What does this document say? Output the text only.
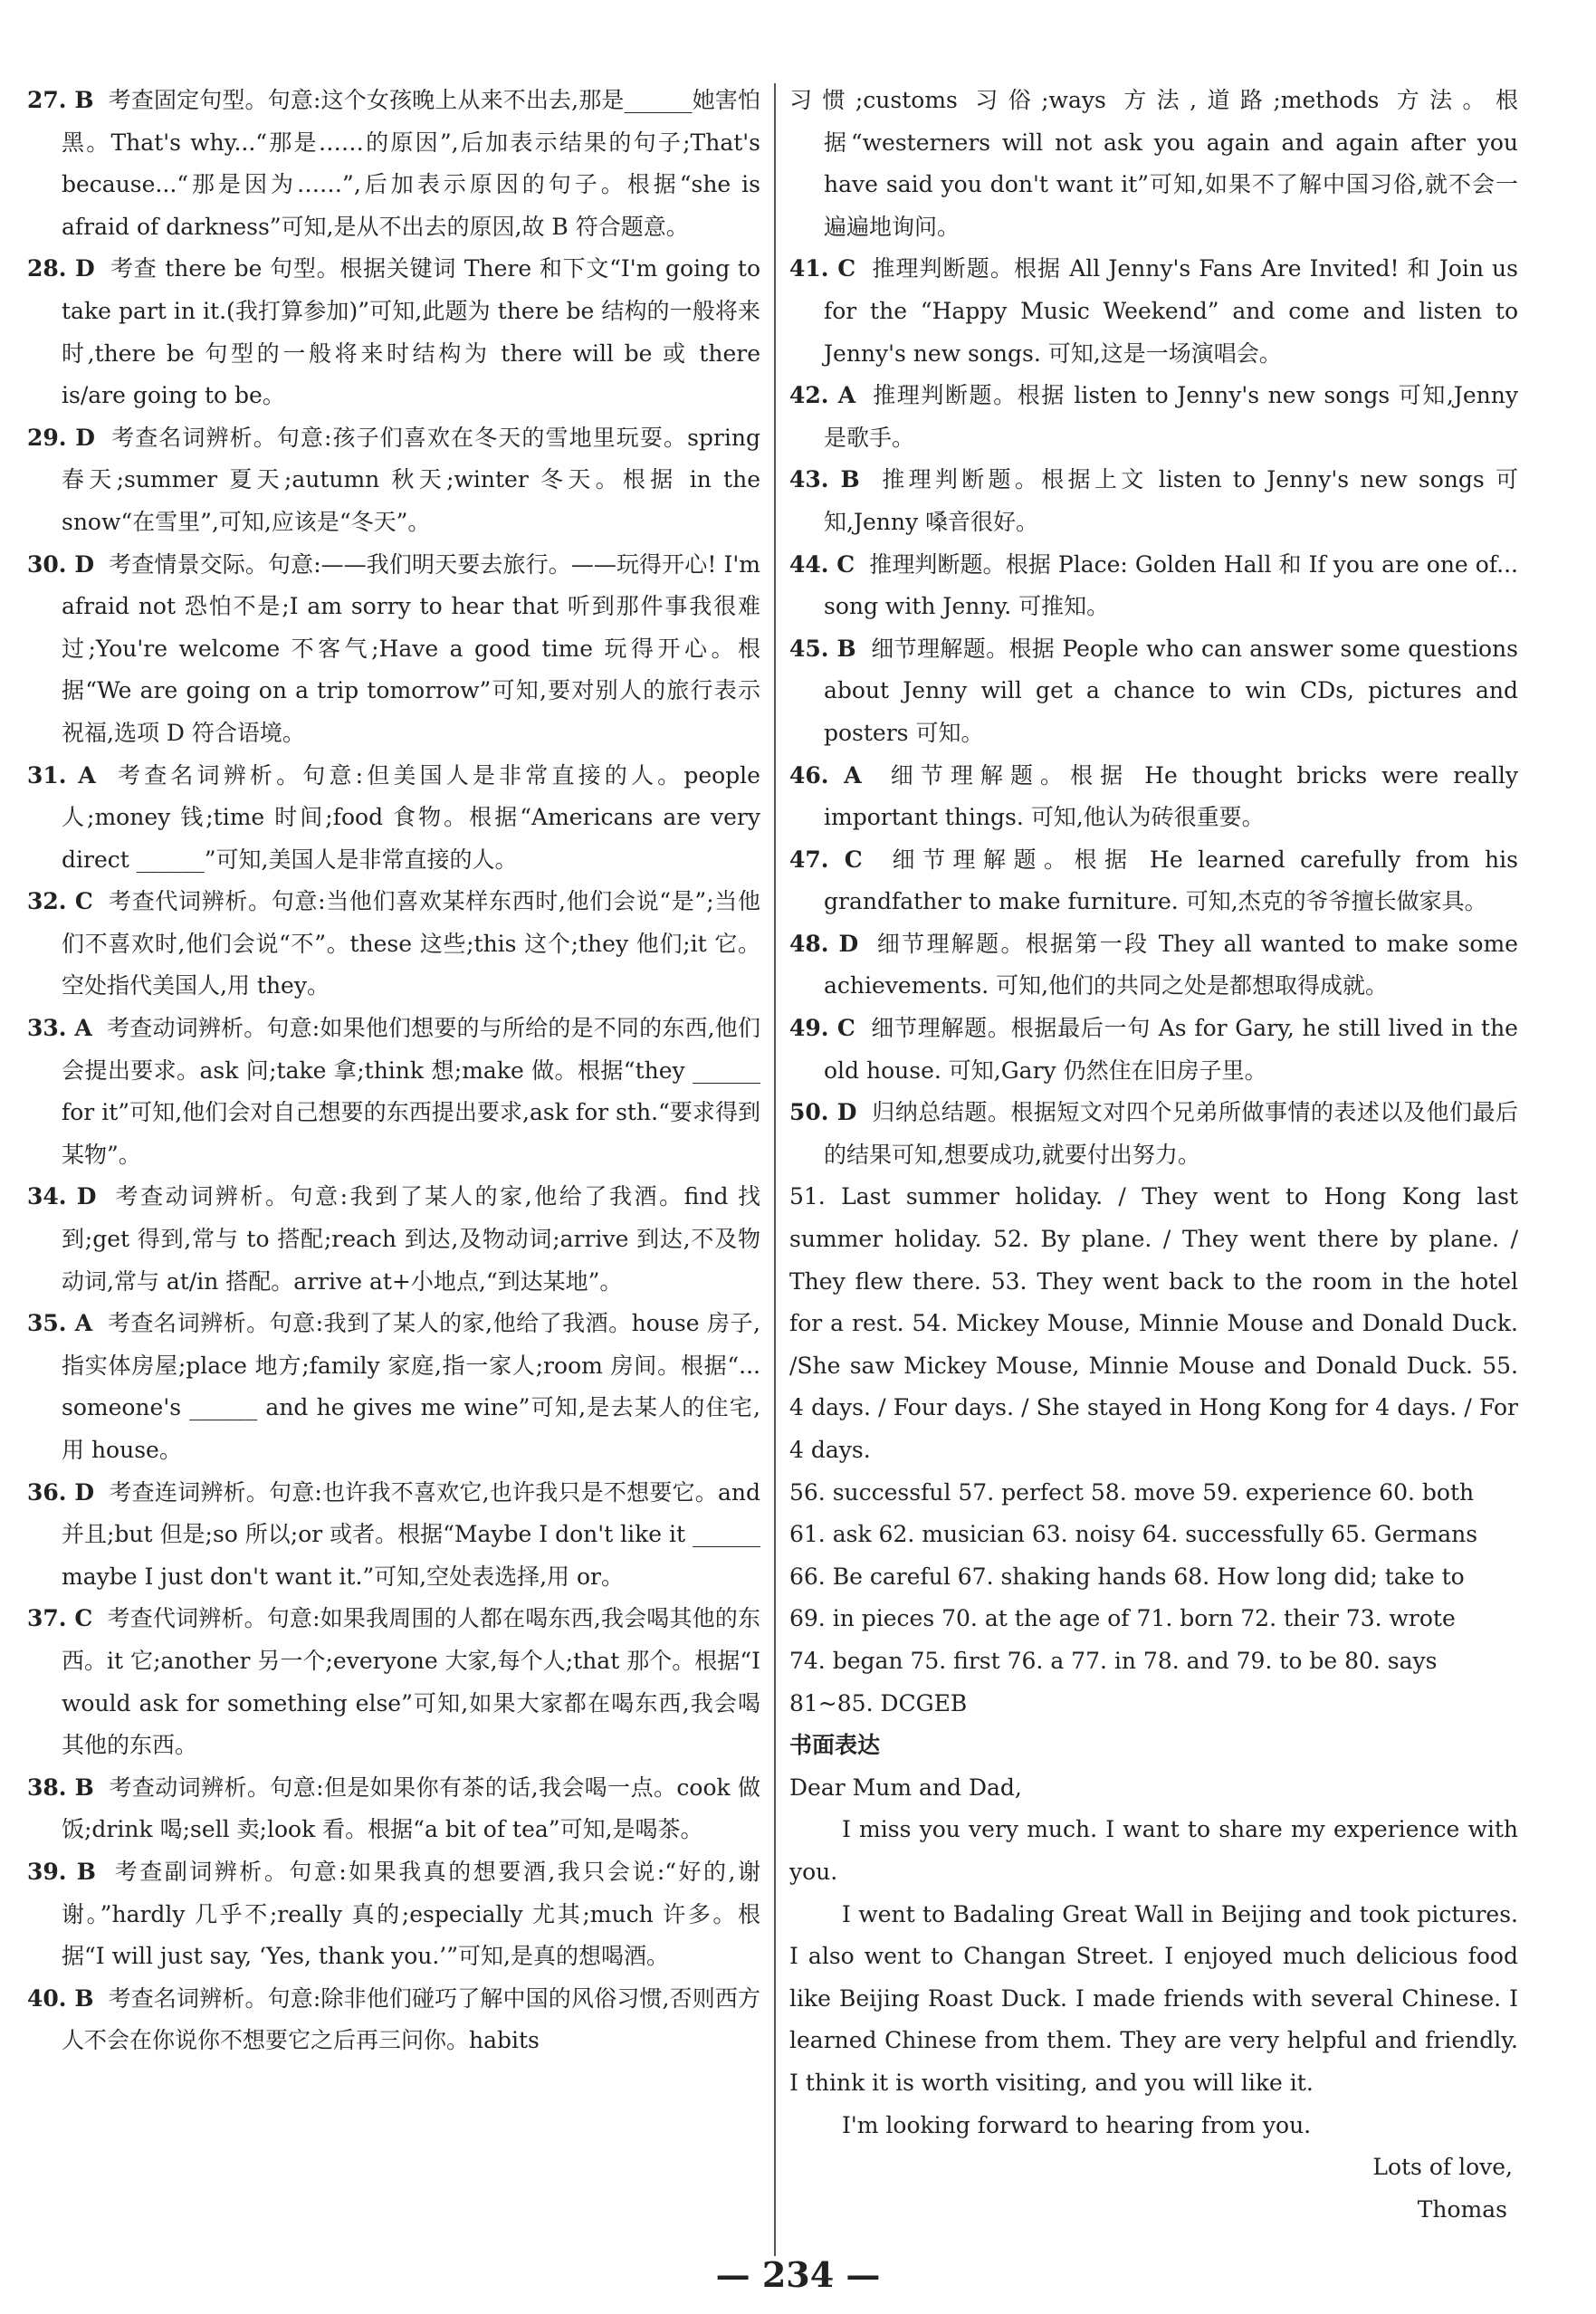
27. B 考查固定句型。句意:这个女孩晚上从来不出去,那是______她害怕黑。That's why...“那是……的原因”,后加表示结果的句子;That's because...“那是因为……”,后加表示原因的句子。根据“she is afraid of darkness”可知,是从不出去的原因,故 B 符合题意。
28. D 考查 there be 句型。根据关键词 There 和下文“I'm going to take part in it.(我打算参加)”可知,此题为 there be 结构的一般将来时,there be 句型的一般将来时结构为 there will be 或 there is/are going to be。
29. D 考查名词辨析。句意:孩子们喜欢在冬天的雪地里玩耍。spring 春天;summer 夏天;autumn 秋天;winter 冬天。根据 in the snow“在雪里”,可知,应该是“冬天”。
30. D 考查情景交际。句意:——我们明天要去旅行。——玩得开心! I'm afraid not 恐怕不是;I am sorry to hear that 听到那件事我很难过;You're welcome 不客气;Have a good time 玩得开心。根据“We are going on a trip tomorrow”可知,要对别人的旅行表示祝福,选项 D 符合语境。
31. A 考查名词辨析。句意:但美国人是非常直接的人。people 人;money 钱;time 时间;food 食物。根据“Americans are very direct ______”可知,美国人是非常直接的人。
32. C 考查代词辨析。句意:当他们喜欢某样东西时,他们会说“是”;当他们不喜欢时,他们会说“不”。these 这些;this 这个;they 他们;it 它。空处指代美国人,用 they。
33. A 考查动词辨析。句意:如果他们想要的与所给的是不同的东西,他们会提出要求。ask 问;take 拿;think 想;make 做。根据“they ______ for it”可知,他们会对自己想要的东西提出要求,ask for sth.“要求得到某物”。
34. D 考查动词辨析。句意:我到了某人的家,他给了我酒。find 找到;get 得到,常与 to 搭配;reach 到达,及物动词;arrive 到达,不及物动词,常与 at/in 搭配。arrive at+小地点,“到达某地”。
35. A 考查名词辨析。句意:我到了某人的家,他给了我酒。house 房子,指实体房屋;place 地方;family 家庭,指一家人;room 房间。根据“... someone's ______ and he gives me wine”可知,是去某人的住宅,用 house。
36. D 考查连词辨析。句意:也许我不喜欢它,也许我只是不想要它。and 并且;but 但是;so 所以;or 或者。根据“Maybe I don't like it ______ maybe I just don't want it.”可知,空处表选择,用 or。
37. C 考查代词辨析。句意:如果我周围的人都在喝东西,我会喝其他的东西。it 它;another 另一个;everyone 大家,每个人;that 那个。根据“I would ask for something else”可知,如果大家都在喝东西,我会喝其他的东西。
38. B 考查动词辨析。句意:但是如果你有茶的话,我会喝一点。cook 做饭;drink 喝;sell 卖;look 看。根据“a bit of tea”可知,是喝茶。
39. B 考查副词辨析。句意:如果我真的想要酒,我只会说:“好的,谢谢。”hardly 几乎不;really 真的;especially 尤其;much 许多。根据“I will just say, ‘Yes, thank you.’”可知,是真的想喝酒。
40. B 考查名词辨析。句意:除非他们碰巧了解中国的风俗习惯,否则西方人不会在你说你不想要它之后再三问你。habits
习惯;customs 习俗;ways 方法,道路;methods 方法。根据“westerners will not ask you again and again after you have said you don't want it”可知,如果不了解中国习俗,就不会一遍遍地询问。
41. C 推理判断题。根据 All Jenny's Fans Are Invited! 和 Join us for the “Happy Music Weekend” and come and listen to Jenny's new songs. 可知,这是一场演唱会。
42. A 推理判断题。根据 listen to Jenny's new songs 可知,Jenny 是歌手。
43. B 推理判断题。根据上文 listen to Jenny's new songs 可知,Jenny 嗓音很好。
44. C 推理判断题。根据 Place: Golden Hall 和 If you are one of... song with Jenny. 可推知。
45. B 细节理解题。根据 People who can answer some questions about Jenny will get a chance to win CDs, pictures and posters 可知。
46. A 细节理解题。根据 He thought bricks were really important things. 可知,他认为砖很重要。
47. C 细节理解题。根据 He learned carefully from his grandfather to make furniture. 可知,杰克的爷爷擅长做家具。
48. D 细节理解题。根据第一段 They all wanted to make some achievements. 可知,他们的共同之处是都想取得成就。
49. C 细节理解题。根据最后一句 As for Gary, he still lived in the old house. 可知,Gary 仍然住在旧房子里。
50. D 归纳总结题。根据短文对四个兄弟所做事情的表述以及他们最后的结果可知,想要成功,就要付出努力。
51. Last summer holiday. / They went to Hong Kong last summer holiday. 52. By plane. / They went there by plane. / They flew there. 53. They went back to the room in the hotel for a rest. 54. Mickey Mouse, Minnie Mouse and Donald Duck. /She saw Mickey Mouse, Minnie Mouse and Donald Duck. 55. 4 days. / Four days. / She stayed in Hong Kong for 4 days. / For 4 days.
56. successful 57. perfect 58. move 59. experience 60. both
61. ask 62. musician 63. noisy 64. successfully 65. Germans
66. Be careful 67. shaking hands 68. How long did; take to
69. in pieces 70. at the age of 71. born 72. their 73. wrote
74. began 75. first 76. a 77. in 78. and 79. to be 80. says
81~85. DCGEB
书面表达
Dear Mum and Dad,
I miss you very much. I want to share my experience with you.
I went to Badaling Great Wall in Beijing and took pictures. I also went to Changan Street. I enjoyed much delicious food like Beijing Roast Duck. I made friends with several Chinese. I learned Chinese from them. They are very helpful and friendly. I think it is worth visiting, and you will like it.
I'm looking forward to hearing from you.
Lots of love,
Thomas
— 234 —
